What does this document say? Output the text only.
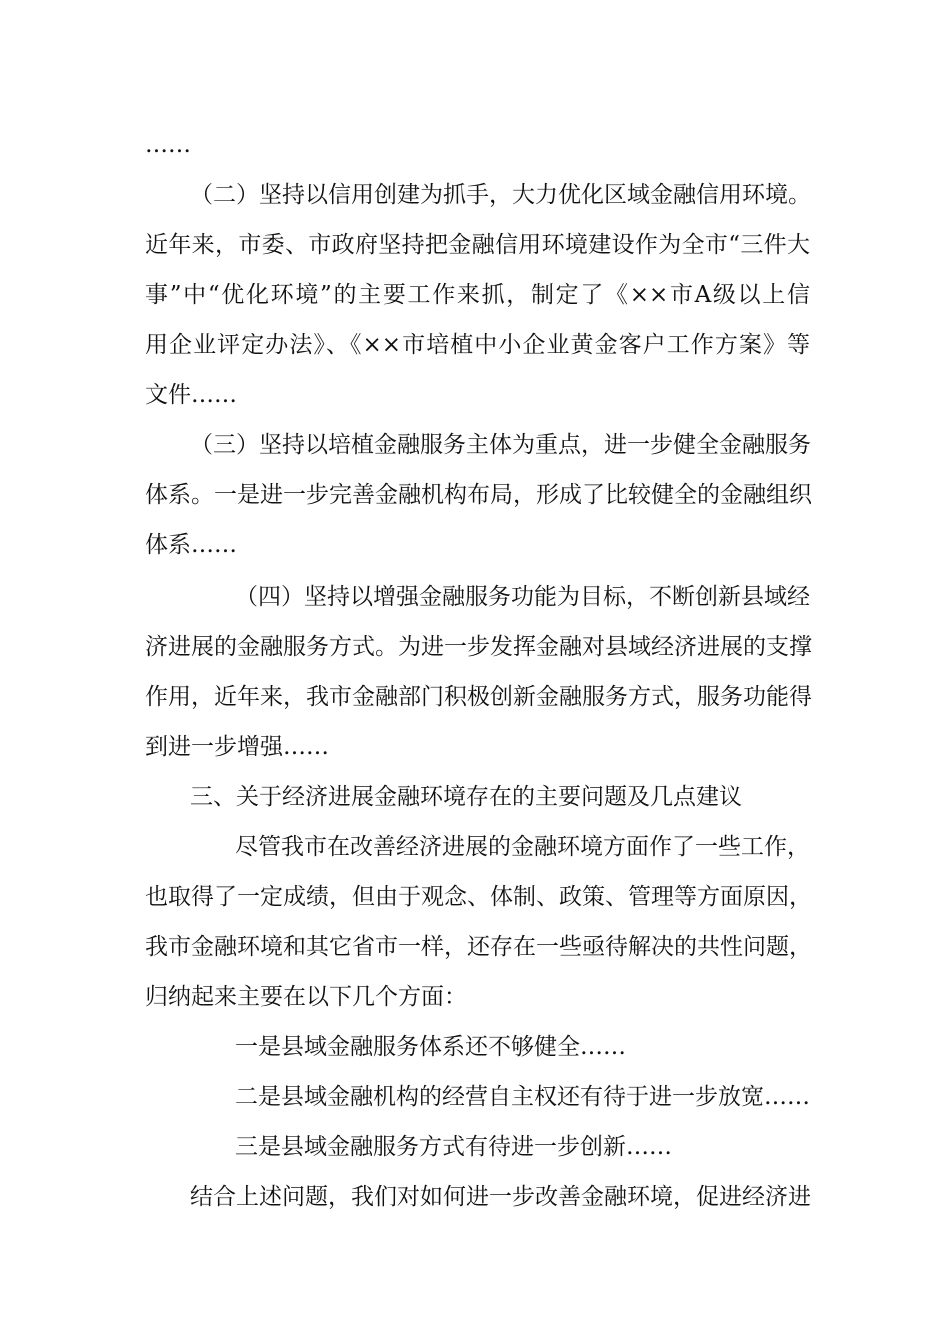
……
（二）坚持以信用创建为抓手，大力优化区域金融信用环境。
近年来，市委、市政府坚持把金融信用环境建设作为全市“三件大
事”中“优化环境”的主要工作来抓，制定了《××市A级以上信
用企业评定办法》、《××市培植中小企业黄金客户工作方案》等
文件……
（三）坚持以培植金融服务主体为重点，进一步健全金融服务
体系。一是进一步完善金融机构布局，形成了比较健全的金融组织
体系……
（四）坚持以增强金融服务功能为目标，不断创新县域经
济进展的金融服务方式。为进一步发挥金融对县域经济进展的支撑
作用，近年来，我市金融部门积极创新金融服务方式，服务功能得
到进一步增强……
三、关于经济进展金融环境存在的主要问题及几点建议
尽管我市在改善经济进展的金融环境方面作了一些工作，
也取得了一定成绩，但由于观念、体制、政策、管理等方面原因，
我市金融环境和其它省市一样，还存在一些亟待解决的共性问题，
归纳起来主要在以下几个方面：
一是县域金融服务体系还不够健全……
二是县域金融机构的经营自主权还有待于进一步放宽……
三是县域金融服务方式有待进一步创新……
结合上述问题，我们对如何进一步改善金融环境，促进经济进
